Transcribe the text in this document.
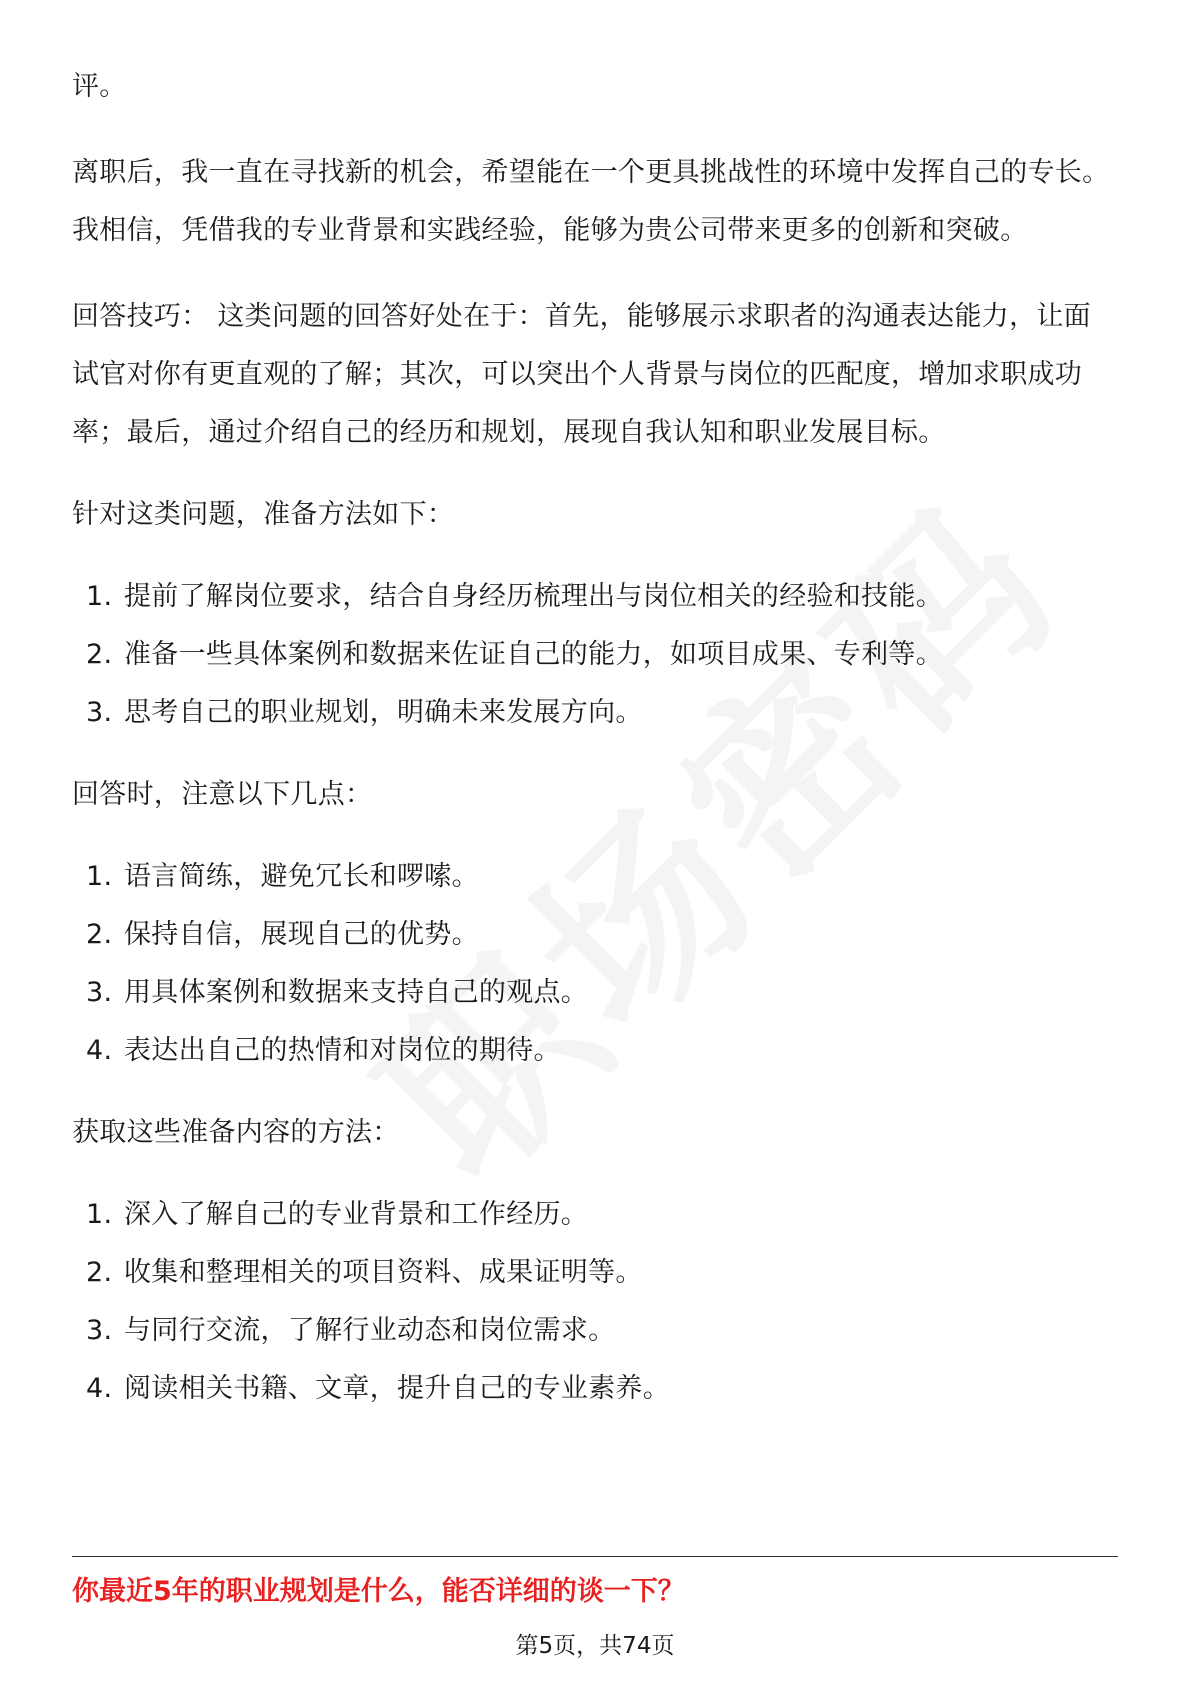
评。

离职后，我一直在寻找新的机会，希望能在一个更具挑战性的环境中发挥自己的专长。我相信，凭借我的专业背景和实践经验，能够为贵公司带来更多的创新和突破。

回答技巧： 这类问题的回答好处在于：首先，能够展示求职者的沟通表达能力，让面试官对你有更直观的了解；其次，可以突出个人背景与岗位的匹配度，增加求职成功率；最后，通过介绍自己的经历和规划，展现自我认知和职业发展目标。

针对这类问题，准备方法如下：

1. 提前了解岗位要求，结合自身经历梳理出与岗位相关的经验和技能。
2. 准备一些具体案例和数据来佐证自己的能力，如项目成果、专利等。
3. 思考自己的职业规划，明确未来发展方向。

回答时，注意以下几点：

1. 语言简练，避免冗长和啰嗦。
2. 保持自信，展现自己的优势。
3. 用具体案例和数据来支持自己的观点。
4. 表达出自己的热情和对岗位的期待。

获取这些准备内容的方法：

1. 深入了解自己的专业背景和工作经历。
2. 收集和整理相关的项目资料、成果证明等。
3. 与同行交流，了解行业动态和岗位需求。
4. 阅读相关书籍、文章，提升自己的专业素养。

你最近5年的职业规划是什么，能否详细的谈一下？

第5页，共74页
